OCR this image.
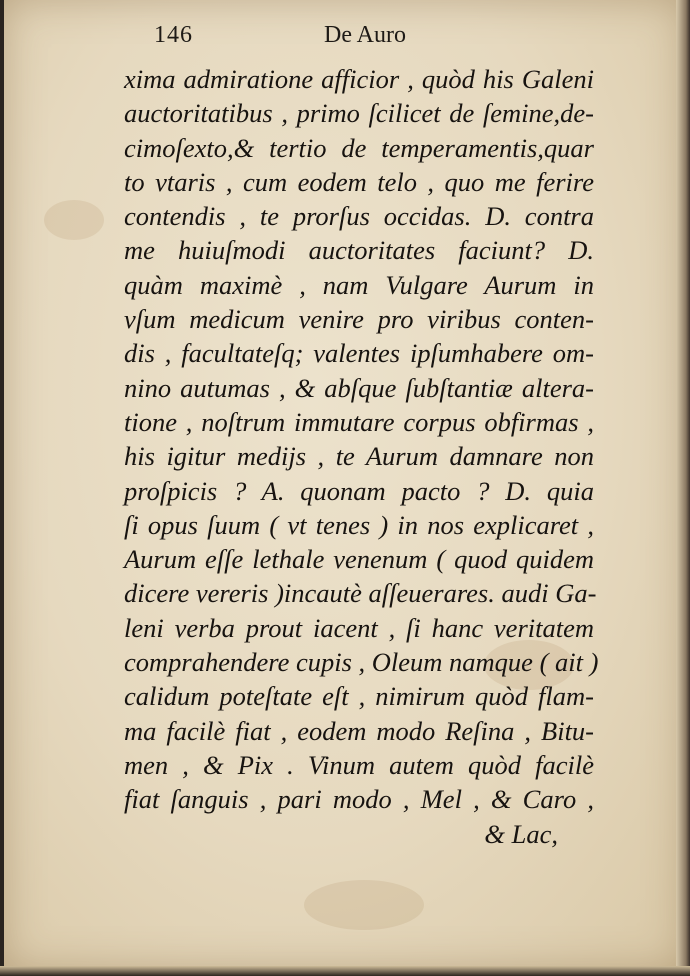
146	De Auro
xima admiratione afficior , quòd his Galeni
auctoritatibus , primo ſcilicet de ſemine,de-
cimoſexto,& tertio de temperamentis,quar
to vtaris , cum eodem telo , quo me ferire
contendis , te prorſus occidas. D. contra
me huiuſmodi auctoritates faciunt? D.
quàm maximè , nam Vulgare Aurum in
vſum medicum venire pro viribus conten-
dis , facultateſq; valentes ipſumhabere om-
nino autumas , & abſque ſubſtantiæ altera-
tione , noſtrum immutare corpus obfirmas ,
his igitur medijs , te Aurum damnare non
proſpicis ? A. quonam pacto ? D. quia
ſi opus ſuum ( vt tenes ) in nos explicaret ,
Aurum eſſe lethale venenum ( quod quidem
dicere vereris )incautè aſſeuerares. audi Ga-
leni verba prout iacent , ſi hanc veritatem
comprahendere cupis , Oleum namque ( ait )
calidum poteſtate eſt , nimirum quòd flam-
ma facilè fiat , eodem modo Reſina , Bitu-
men , & Pix . Vinum autem quòd facilè
fiat ſanguis , pari modo , Mel , & Caro ,
& Lac,
